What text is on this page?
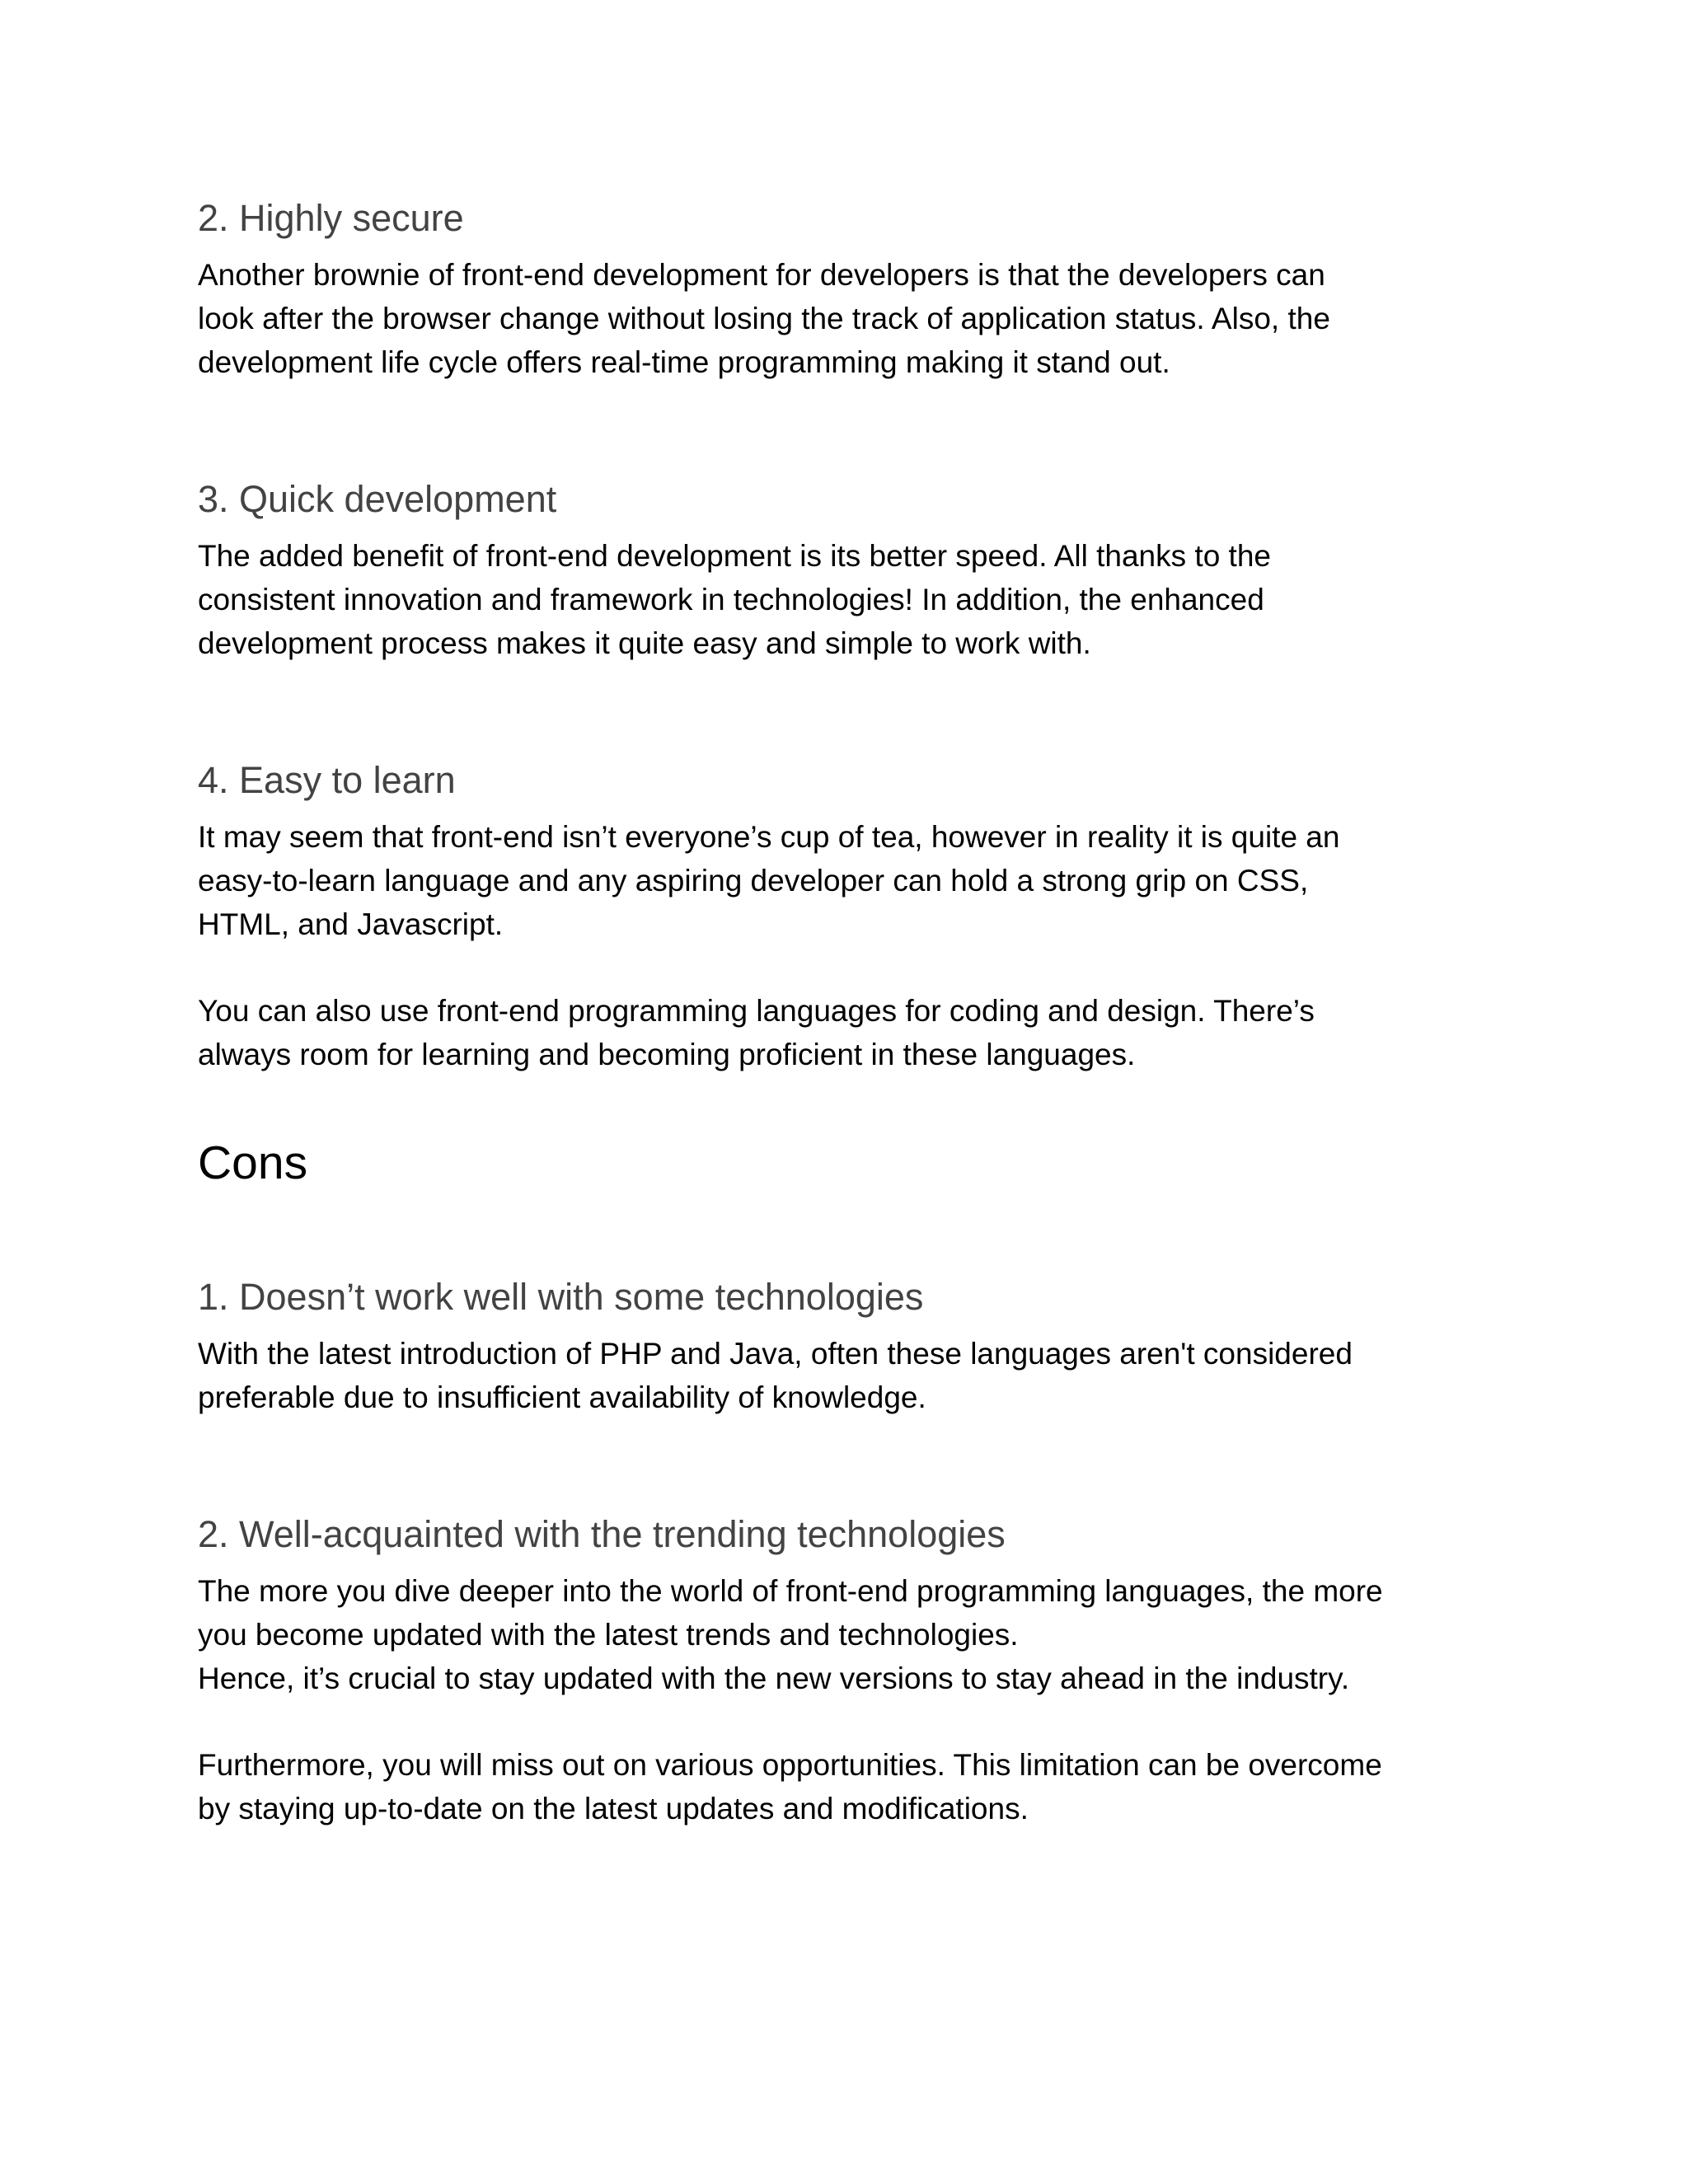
2. Highly secure

Another brownie of front-end development for developers is that the developers can
look after the browser change without losing the track of application status. Also, the
development life cycle offers real-time programming making it stand out.

3. Quick development

The added benefit of front-end development is its better speed. All thanks to the
consistent innovation and framework in technologies! In addition, the enhanced
development process makes it quite easy and simple to work with.

4. Easy to learn

It may seem that front-end isn’t everyone’s cup of tea, however in reality it is quite an
easy-to-learn language and any aspiring developer can hold a strong grip on CSS,
HTML, and Javascript.

You can also use front-end programming languages for coding and design. There’s
always room for learning and becoming proficient in these languages.

Cons
1. Doesn’t work well with some technologies

With the latest introduction of PHP and Java, often these languages aren't considered
preferable due to insufficient availability of knowledge.

2. Well-acquainted with the trending technologies

The more you dive deeper into the world of front-end programming languages, the more
you become updated with the latest trends and technologies.
Hence, it’s crucial to stay updated with the new versions to stay ahead in the industry.

Furthermore, you will miss out on various opportunities. This limitation can be overcome
by staying up-to-date on the latest updates and modifications.
